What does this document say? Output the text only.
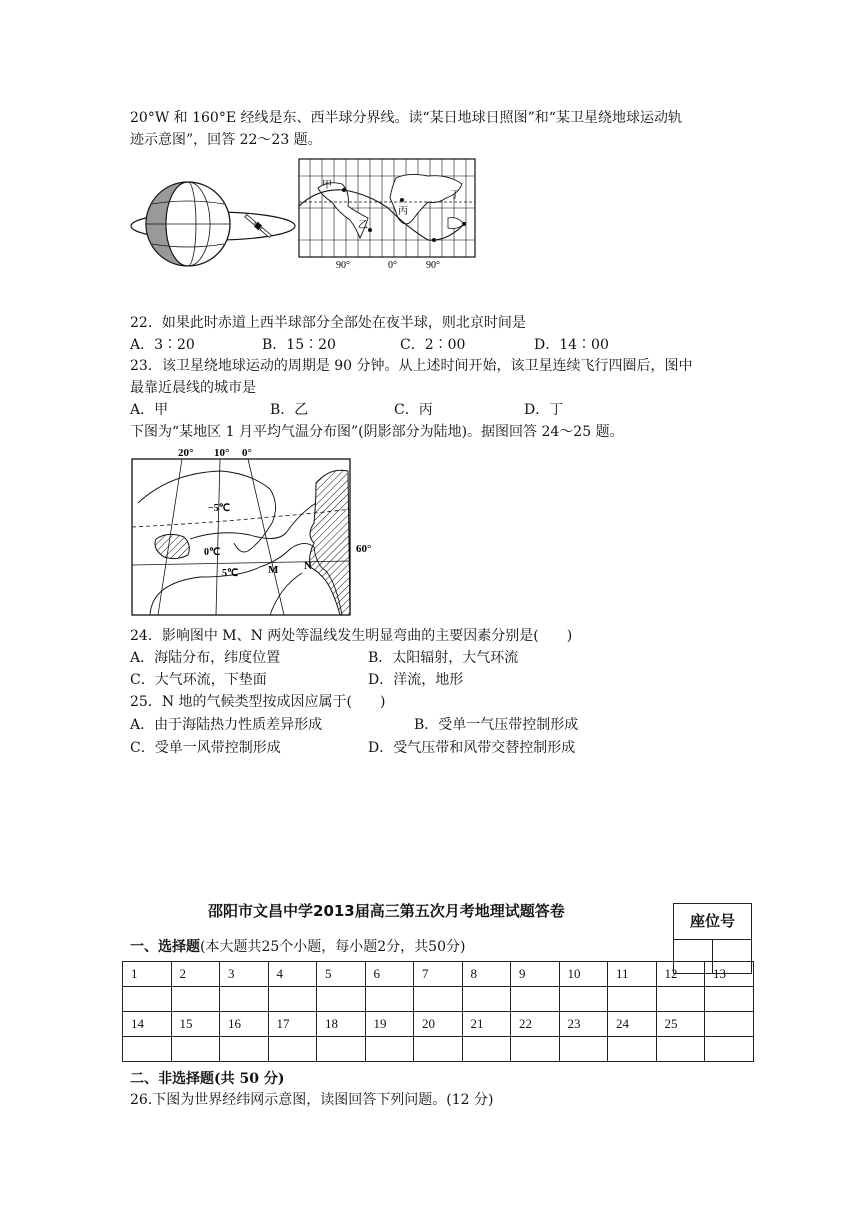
20°W 和 160°E 经线是东、西半球分界线。读“某日地球日照图”和“某卫星绕地球运动轨
迹示意图”，回答 22～23 题。
甲
乙
丙
丁
90°	0°	90°
22．如果此时赤道上西半球部分全部处在夜半球，则北京时间是
A．3∶20	B．15∶20	C．2∶00	D．14∶00
23．该卫星绕地球运动的周期是 90 分钟。从上述时间开始，该卫星连续飞行四圈后，图中
最靠近晨线的城市是
A．甲	B．乙	C．丙	D．丁
下图为“某地区 1 月平均气温分布图”(阴影部分为陆地)。据图回答 24～25 题。
20° 10° 0°
−5℃
0℃
5℃	M N
60°
24．影响图中 M、N 两处等温线发生明显弯曲的主要因素分别是(　　)
A．海陆分布，纬度位置	B．太阳辐射，大气环流
C．大气环流，下垫面	D．洋流，地形
25．N 地的气候类型按成因应属于(　　)
A．由于海陆热力性质差异形成	B．受单一气压带控制形成
C．受单一风带控制形成	D．受气压带和风带交替控制形成
邵阳市文昌中学2013届高三第五次月考地理试题答卷
座位号
一、选择题(本大题共25个小题，每小题2分，共50分)
1	2	3	4	5	6	7	8	9	10	11	12	13

14	15	16	17	18	19	20	21	22	23	24	25	

二、非选择题(共 50 分)
26.下图为世界经纬网示意图，读图回答下列问题。(12 分)
